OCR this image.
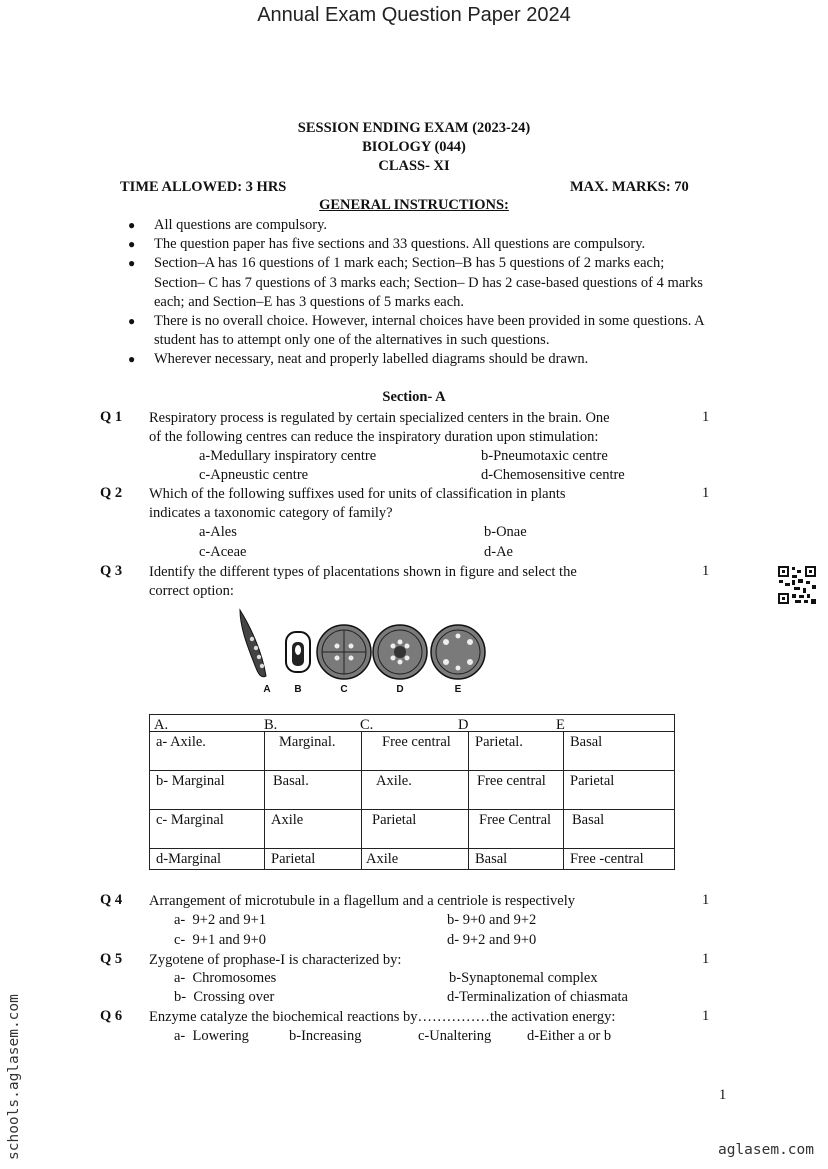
Annual Exam Question Paper 2024
SESSION ENDING EXAM (2023-24)
BIOLOGY (044)
CLASS- XI
TIME ALLOWED: 3 HRS	MAX. MARKS: 70
GENERAL INSTRUCTIONS:
● All questions are compulsory.
● The question paper has five sections and 33 questions. All questions are compulsory.
● Section–A has 16 questions of 1 mark each; Section–B has 5 questions of 2 marks each; Section– C has 7 questions of 3 marks each; Section– D has 2 case-based questions of 4 marks each; and Section–E has 3 questions of 5 marks each.
● There is no overall choice. However, internal choices have been provided in some questions. A student has to attempt only one of the alternatives in such questions.
● Wherever necessary, neat and properly labelled diagrams should be drawn.
Section- A
Q 1 Respiratory process is regulated by certain specialized centers in the brain. One
of the following centres can reduce the inspiratory duration upon stimulation:
1
a-Medullary inspiratory centre	b-Pneumotaxic centre
c-Apneustic centre	d-Chemosensitive centre
Q 2 Which of the following suffixes used for units of classification in plants
indicates a taxonomic category of family?
1
a-Ales	b-Onae
c-Aceae	d-Ae
Q 3 Identify the different types of placentations shown in figure and select the
correct option:
1
A B	C	D	E
A. B. C. D E				

a- Axile.	Marginal.	Free central	Parietal.	Basal
b- Marginal	Basal.	Axile.	Free central	Parietal
c- Marginal	Axile	Parietal	Free Central	Basal
d-Marginal	Parietal	Axile	Basal	Free -central
Q 4 Arrangement of microtubule in a flagellum and a centriole is respectively	1
a-  9+2 and 9+1	b- 9+0 and 9+2
c-  9+1 and 9+0	d- 9+2 and 9+0
Q 5 Zygotene of prophase-I is characterized by:	1
a-  Chromosomes	b-Synaptonemal complex
b-  Crossing over	d-Terminalization of chiasmata
Q 6 Enzyme catalyze the biochemical reactions by……………the activation energy:	1
a-  Lowering	b-Increasing	c-Unaltering d-Either a or b
1
schools.aglasem.com	aglasem.com
